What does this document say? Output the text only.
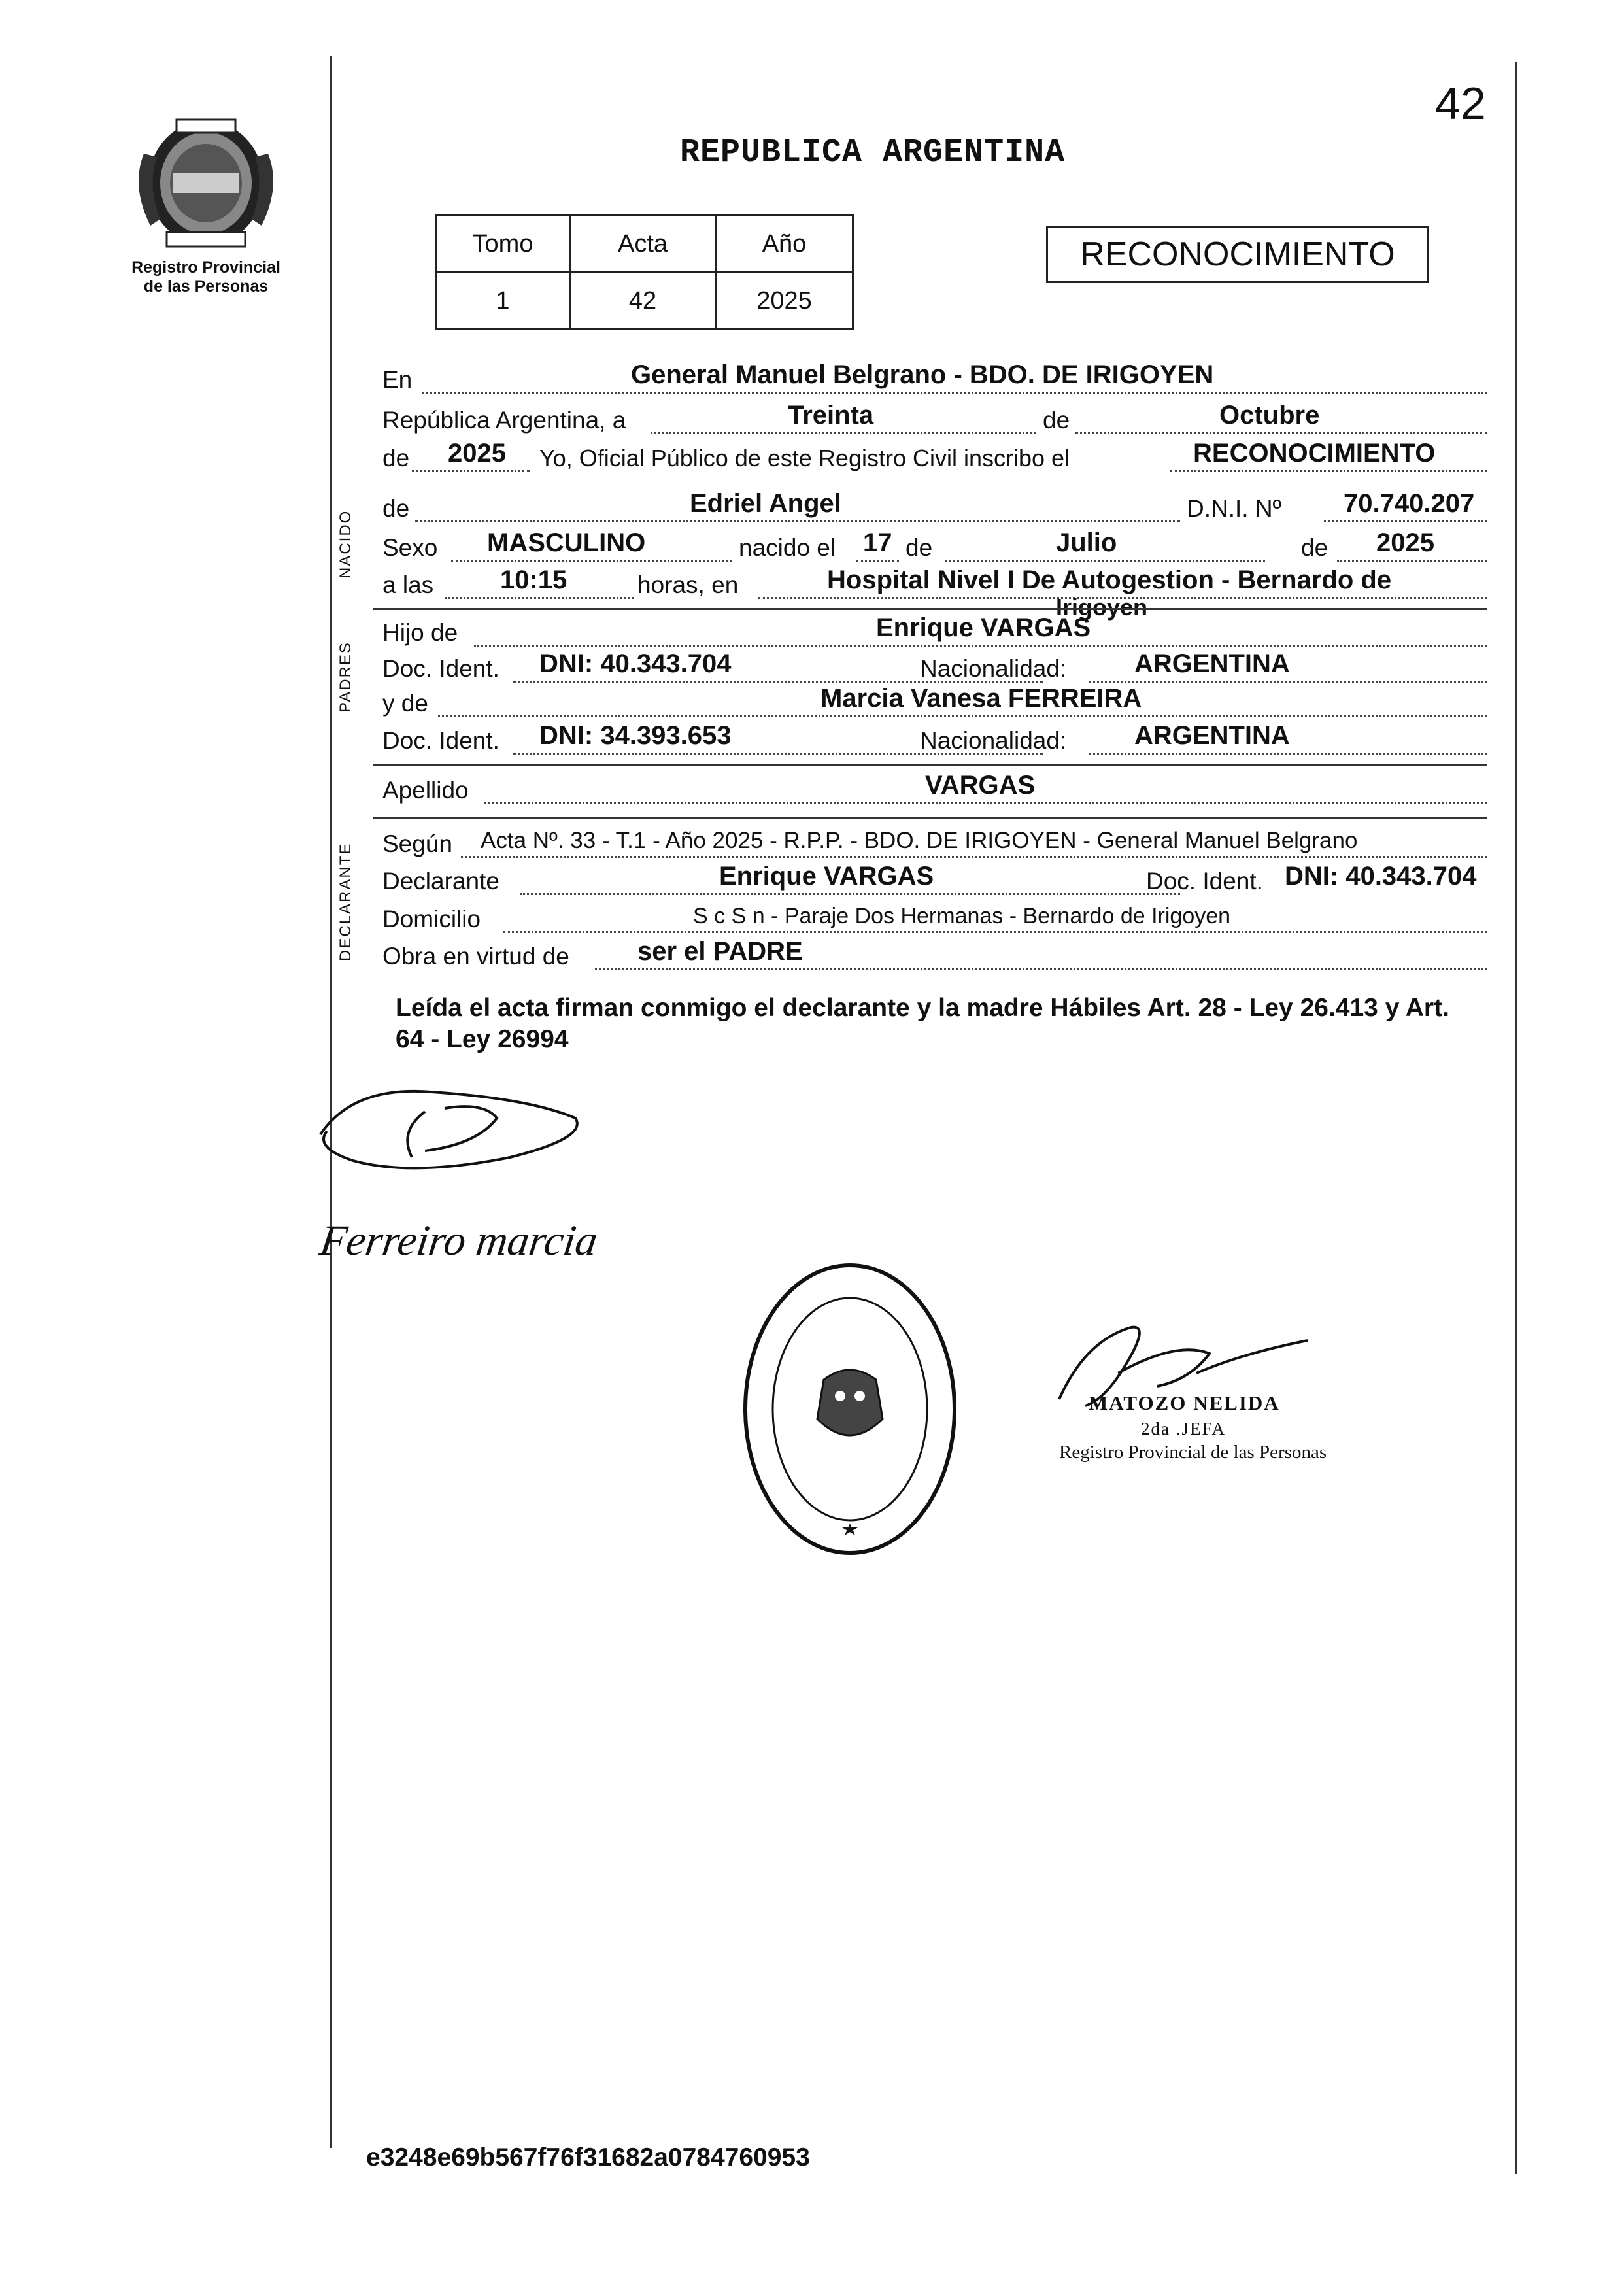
Registro Provincial
de las Personas
42
REPUBLICA ARGENTINA
Tomo	Acta	Año
1	42	2025
RECONOCIMIENTO
En	General Manuel Belgrano - BDO. DE IRIGOYEN
República Argentina, a	Treinta	de	Octubre
de 2025 Yo, Oficial Público de este Registro Civil inscribo el	RECONOCIMIENTO
NACIDO
de	Edriel Angel	D.N.I. Nº 70.740.207
Sexo MASCULINO	nacido el 17 de	Julio	de 2025
a las	10:15	horas, en	Hospital Nivel I De Autogestion - Bernardo de
Irigoyen
PADRES
Hijo de	Enrique VARGAS
Doc. Ident. DNI: 40.343.704	Nacionalidad:	ARGENTINA
y de	Marcia Vanesa FERREIRA
Doc. Ident. DNI: 34.393.653	Nacionalidad:	ARGENTINA
Apellido	VARGAS
DECLARANTE Según Acta Nº. 33 - T.1 - Año 2025 - R.P.P. - BDO. DE IRIGOYEN - General Manuel Belgrano
Declarante	Enrique VARGAS	Doc. Ident. DNI: 40.343.704
Domicilio	S c S n - Paraje Dos Hermanas - Bernardo de Irigoyen
Obra en virtud de	ser el PADRE
Leída el acta firman conmigo el declarante y la madre Hábiles Art. 28 - Ley 26.413 y Art. 64 - Ley 26994
Ferreiro marcia
MATOZO NELIDA
2da .JEFA
Registro Provincial de las Personas
e3248e69b567f76f31682a0784760953
